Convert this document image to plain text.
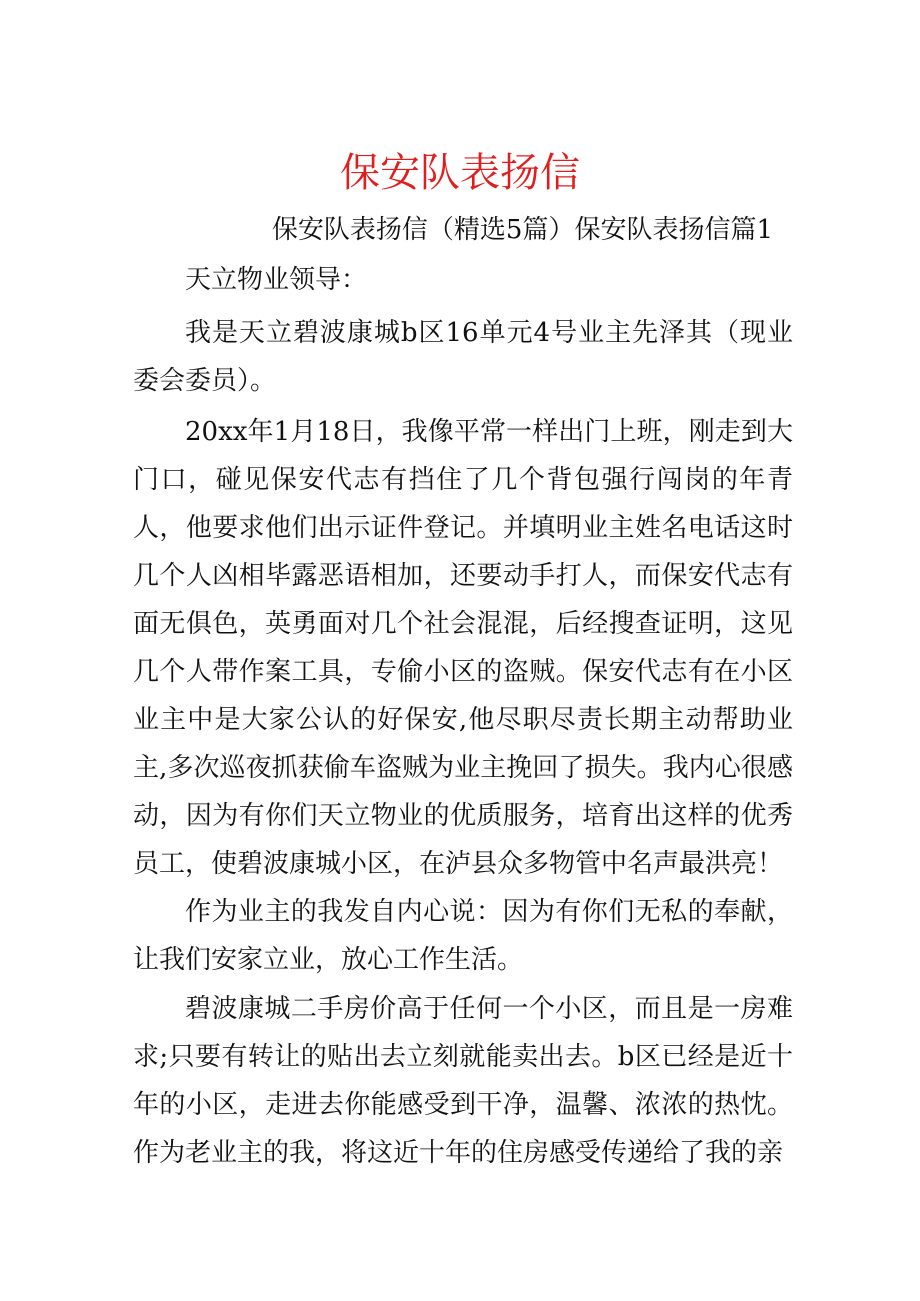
保安队表扬信

保安队表扬信（精选5篇）保安队表扬信篇1

天立物业领导：

我是天立碧波康城b区16单元4号业主先泽其（现业委会委员）。

20xx年1月18日，我像平常一样出门上班，刚走到大门口，碰见保安代志有挡住了几个背包强行闯岗的年青人，他要求他们出示证件登记。并填明业主姓名电话这时几个人凶相毕露恶语相加，还要动手打人，而保安代志有面无俱色，英勇面对几个社会混混，后经搜查证明，这见几个人带作案工具，专偷小区的盗贼。保安代志有在小区业主中是大家公认的好保安,他尽职尽责长期主动帮助业主,多次巡夜抓获偷车盗贼为业主挽回了损失。我内心很感动，因为有你们天立物业的优质服务，培育出这样的优秀员工，使碧波康城小区，在泸县众多物管中名声最洪亮！

作为业主的我发自内心说：因为有你们无私的奉献，让我们安家立业，放心工作生活。

碧波康城二手房价高于任何一个小区，而且是一房难求;只要有转让的贴出去立刻就能卖出去。b区已经是近十年的小区，走进去你能感受到干净，温馨、浓浓的热忱。作为老业主的我，将这近十年的住房感受传递给了我的亲
